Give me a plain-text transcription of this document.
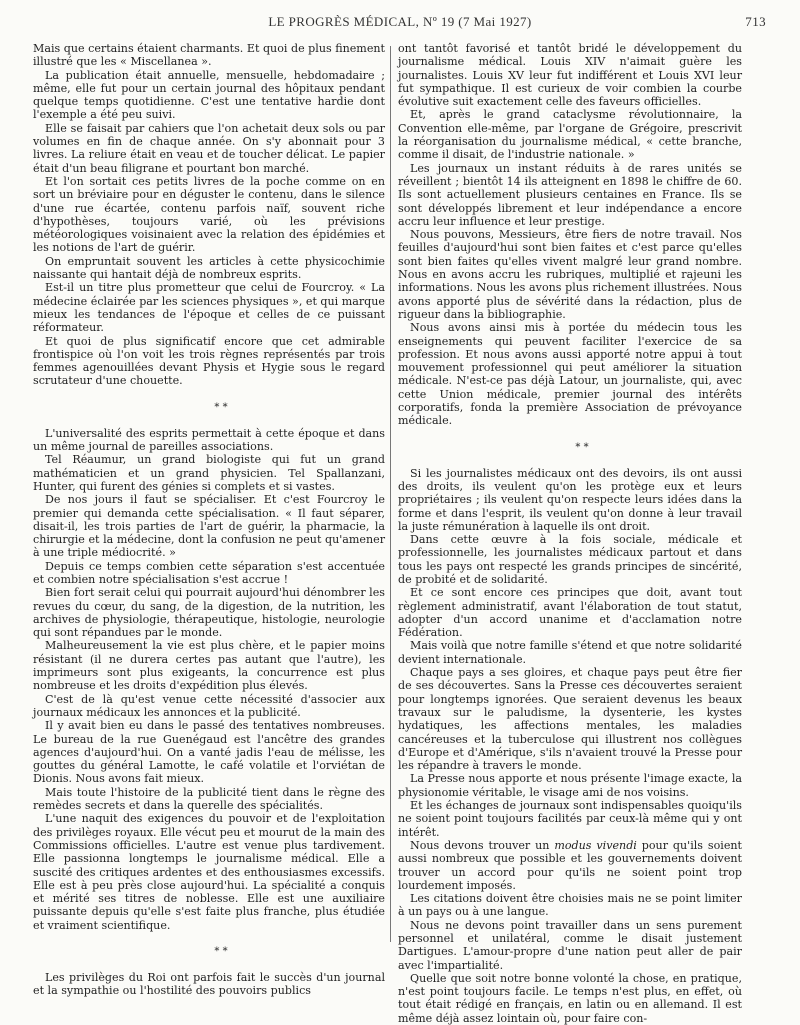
LE PROGRÈS MÉDICAL, Nº 19 (7 Mai 1927)	713

Mais que certains étaient charmants. Et quoi de plus finement illustré que les « Miscellanea ».

La publication était annuelle, mensuelle, hebdomadaire ; même, elle fut pour un certain journal des hôpitaux pendant quelque temps quotidienne. C'est une tentative hardie dont l'exemple a été peu suivi.

Elle se faisait par cahiers que l'on achetait deux sols ou par volumes en fin de chaque année. On s'y abonnait pour 3 livres. La reliure était en veau et de toucher délicat. Le papier était d'un beau filigrane et pourtant bon marché.

Et l'on sortait ces petits livres de la poche comme on en sort un bréviaire pour en déguster le contenu, dans le silence d'une rue écartée, contenu parfois naïf, souvent riche d'hypothèses, toujours varié, où les prévisions météorologiques voisinaient avec la relation des épidémies et les notions de l'art de guérir.

On empruntait souvent les articles à cette physicochimie naissante qui hantait déjà de nombreux esprits.

Est-il un titre plus prometteur que celui de Fourcroy. « La médecine éclairée par les sciences physiques », et qui marque mieux les tendances de l'époque et celles de ce puissant réformateur.

Et quoi de plus significatif encore que cet admirable frontispice où l'on voit les trois règnes représentés par trois femmes agenouillées devant Physis et Hygie sous le regard scrutateur d'une chouette.

* *

L'universalité des esprits permettait à cette époque et dans un même journal de pareilles associations.

Tel Réaumur, un grand biologiste qui fut un grand mathématicien et un grand physicien. Tel Spallanzani, Hunter, qui furent des génies si complets et si vastes.

De nos jours il faut se spécialiser. Et c'est Fourcroy le premier qui demanda cette spécialisation. « Il faut séparer, disait-il, les trois parties de l'art de guérir, la pharmacie, la chirurgie et la médecine, dont la confusion ne peut qu'amener à une triple médiocrité. »

Depuis ce temps combien cette séparation s'est accentuée et combien notre spécialisation s'est accrue !

Bien fort serait celui qui pourrait aujourd'hui dénombrer les revues du cœur, du sang, de la digestion, de la nutrition, les archives de physiologie, thérapeutique, histologie, neurologie qui sont répandues par le monde.

Malheureusement la vie est plus chère, et le papier moins résistant (il ne durera certes pas autant que l'autre), les imprimeurs sont plus exigeants, la concurrence est plus nombreuse et les droits d'expédition plus élevés.

C'est de là qu'est venue cette nécessité d'associer aux journaux médicaux les annonces et la publicité.

Il y avait bien eu dans le passé des tentatives nombreuses. Le bureau de la rue Guenégaud est l'ancêtre des grandes agences d'aujourd'hui. On a vanté jadis l'eau de mélisse, les gouttes du général Lamotte, le café volatile et l'orviétan de Dionis. Nous avons fait mieux.

Mais toute l'histoire de la publicité tient dans le règne des remèdes secrets et dans la querelle des spécialités.

L'une naquit des exigences du pouvoir et de l'exploitation des privilèges royaux. Elle vécut peu et mourut de la main des Commissions officielles. L'autre est venue plus tardivement. Elle passionna longtemps le journalisme médical. Elle a suscité des critiques ardentes et des enthousiasmes excessifs. Elle est à peu près close aujourd'hui. La spécialité a conquis et mérité ses titres de noblesse. Elle est une auxiliaire puissante depuis qu'elle s'est faite plus franche, plus étudiée et vraiment scientifique.

* *

Les privilèges du Roi ont parfois fait le succès d'un journal et la sympathie ou l'hostilité des pouvoirs publics

ont tantôt favorisé et tantôt bridé le développement du journalisme médical. Louis XIV n'aimait guère les journalistes. Louis XV leur fut indifférent et Louis XVI leur fut sympathique. Il est curieux de voir combien la courbe évolutive suit exactement celle des faveurs officielles.

Et, après le grand cataclysme révolutionnaire, la Convention elle-même, par l'organe de Grégoire, prescrivit la réorganisation du journalisme médical, « cette branche, comme il disait, de l'industrie nationale. »

Les journaux un instant réduits à de rares unités se réveillent ; bientôt 14 ils atteignent en 1898 le chiffre de 60. Ils sont actuellement plusieurs centaines en France. Ils se sont développés librement et leur indépendance a encore accru leur influence et leur prestige.

Nous pouvons, Messieurs, être fiers de notre travail. Nos feuilles d'aujourd'hui sont bien faites et c'est parce qu'elles sont bien faites qu'elles vivent malgré leur grand nombre. Nous en avons accru les rubriques, multiplié et rajeuni les informations. Nous les avons plus richement illustrées. Nous avons apporté plus de sévérité dans la rédaction, plus de rigueur dans la bibliographie.

Nous avons ainsi mis à portée du médecin tous les enseignements qui peuvent faciliter l'exercice de sa profession. Et nous avons aussi apporté notre appui à tout mouvement professionnel qui peut améliorer la situation médicale. N'est-ce pas déjà Latour, un journaliste, qui, avec cette Union médicale, premier journal des intérêts corporatifs, fonda la première Association de prévoyance médicale.

* *

Si les journalistes médicaux ont des devoirs, ils ont aussi des droits, ils veulent qu'on les protège eux et leurs propriétaires ; ils veulent qu'on respecte leurs idées dans la forme et dans l'esprit, ils veulent qu'on donne à leur travail la juste rémunération à laquelle ils ont droit.

Dans cette œuvre à la fois sociale, médicale et professionnelle, les journalistes médicaux partout et dans tous les pays ont respecté les grands principes de sincérité, de probité et de solidarité.

Et ce sont encore ces principes que doit, avant tout règlement administratif, avant l'élaboration de tout statut, adopter d'un accord unanime et d'acclamation notre Fédération.

Mais voilà que notre famille s'étend et que notre solidarité devient internationale.

Chaque pays a ses gloires, et chaque pays peut être fier de ses découvertes. Sans la Presse ces découvertes seraient pour longtemps ignorées. Que seraient devenus les beaux travaux sur le paludisme, la dysenterie, les kystes hydatiques, les affections mentales, les maladies cancéreuses et la tuberculose qui illustrent nos collègues d'Europe et d'Amérique, s'ils n'avaient trouvé la Presse pour les répandre à travers le monde.

La Presse nous apporte et nous présente l'image exacte, la physionomie véritable, le visage ami de nos voisins.

Et les échanges de journaux sont indispensables quoiqu'ils ne soient point toujours facilités par ceux-là même qui y ont intérêt.

Nous devons trouver un modus vivendi pour qu'ils soient aussi nombreux que possible et les gouvernements doivent trouver un accord pour qu'ils ne soient point trop lourdement imposés.

Les citations doivent être choisies mais ne se point limiter à un pays ou à une langue.

Nous ne devons point travailler dans un sens purement personnel et unilatéral, comme le disait justement Dartigues. L'amour-propre d'une nation peut aller de pair avec l'impartialité.

Quelle que soit notre bonne volonté la chose, en pratique, n'est point toujours facile. Le temps n'est plus, en effet, où tout était rédigé en français, en latin ou en allemand. Il est même déjà assez lointain où, pour faire con-
